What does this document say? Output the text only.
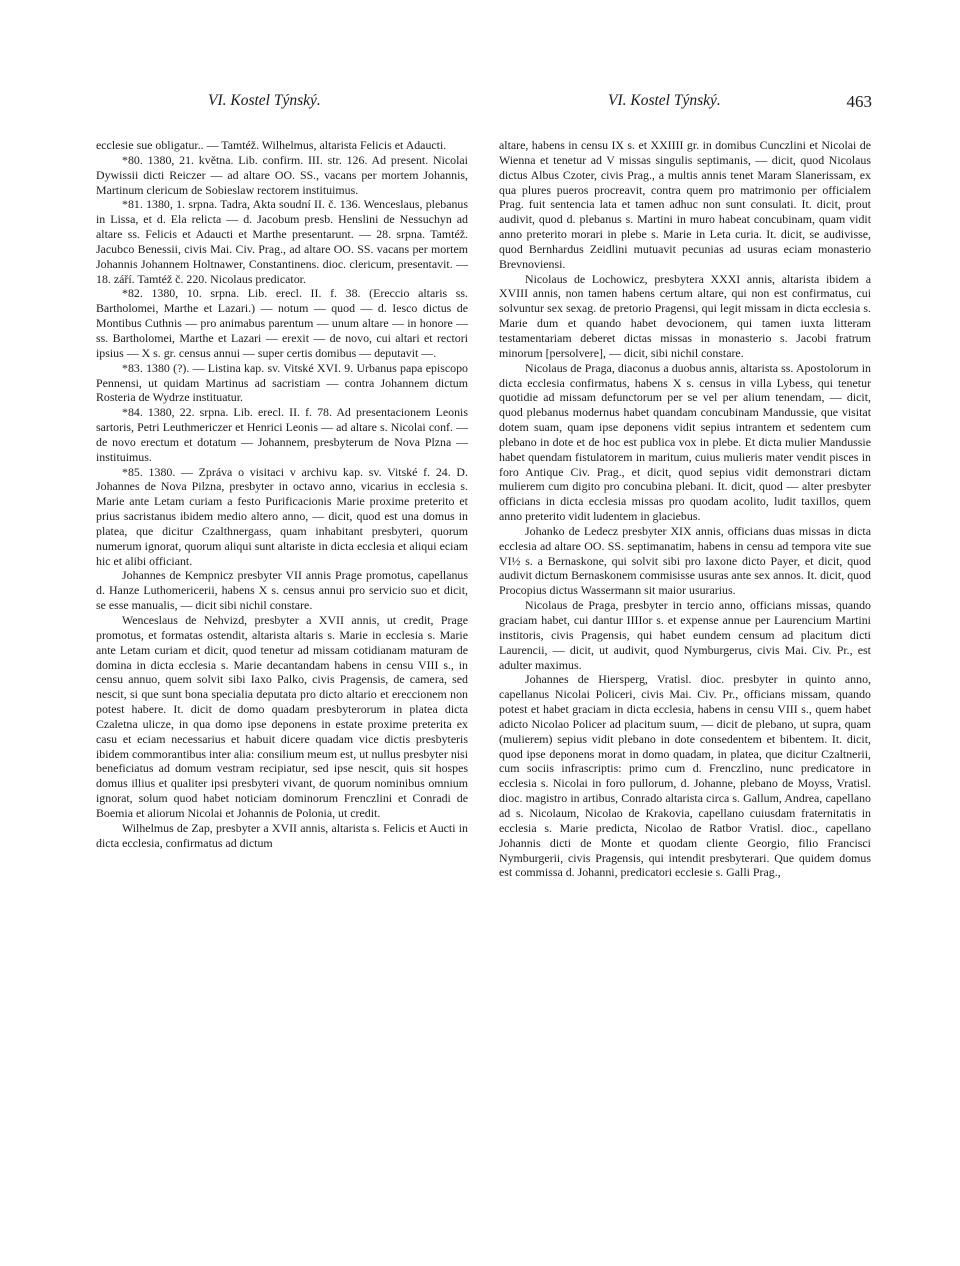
VI. Kostel Týnský.	VI. Kostel Týnský.	463

ecclesie sue obligatur.. — Tamtéž. Wilhelmus, altarista Felicis et Adaucti.

*80. 1380, 21. května. Lib. confirm. III. str. 126. Ad present. Nicolai Dywissii dicti Reiczer — ad altare OO. SS., vacans per mortem Johannis, Martinum clericum de Sobieslaw rectorem instituimus.

*81. 1380, 1. srpna. Tadra, Akta soudní II. č. 136. Wenceslaus, plebanus in Lissa, et d. Ela relicta — d. Jacobum presb. Henslini de Nessuchyn ad altare ss. Felicis et Adaucti et Marthe presentarunt. — 28. srpna. Tamtéž. Jacubco Benessii, civis Mai. Civ. Prag., ad altare OO. SS. vacans per mortem Johannis Johannem Holtnawer, Constantinens. dioc. clericum, presentavit. — 18. září. Tamtéž č. 220. Nicolaus predicator.

*82. 1380, 10. srpna. Lib. erecl. II. f. 38. (Ereccio altaris ss. Bartholomei, Marthe et Lazari.) — notum — quod — d. Iesco dictus de Montibus Cuthnis — pro animabus parentum — unum altare — in honore — ss. Bartholomei, Marthe et Lazari — erexit — de novo, cui altari et rectori ipsius — X s. gr. census annui — super certis domibus — deputavit —.

*83. 1380 (?). — Listina kap. sv. Vitské XVI. 9. Urbanus papa episcopo Pennensi, ut quidam Martinus ad sacristiam — contra Johannem dictum Rosteria de Wydrze instituatur.

*84. 1380, 22. srpna. Lib. erecl. II. f. 78. Ad presentacionem Leonis sartoris, Petri Leuthmericzer et Henrici Leonis — ad altare s. Nicolai conf. — de novo erectum et dotatum — Johannem, presbyterum de Nova Plzna — instituimus.

*85. 1380. — Zpráva o visitaci v archivu kap. sv. Vitské f. 24. D. Johannes de Nova Pilzna, presbyter in octavo anno, vicarius in ecclesia s. Marie ante Letam curiam a festo Purificacionis Marie proxime preterito et prius sacristanus ibidem medio altero anno, — dicit, quod est una domus in platea, que dicitur Czalthnergass, quam inhabitant presbyteri, quorum numerum ignorat, quorum aliqui sunt altariste in dicta ecclesia et aliqui eciam hic et alibi officiant.

Johannes de Kempnicz presbyter VII annis Prage promotus, capellanus d. Hanze Luthomericerii, habens X s. census annui pro servicio suo et dicit, se esse manualis, — dicit sibi nichil constare.

Wenceslaus de Nehvizd, presbyter a XVII annis, ut credit, Prage promotus, et formatas ostendit, altarista altaris s. Marie in ecclesia s. Marie ante Letam curiam et dicit, quod tenetur ad missam cotidianam maturam de domina in dicta ecclesia s. Marie decantandam habens in censu VIII s., in censu annuo, quem solvit sibi Iaxo Palko, civis Pragensis, de camera, sed nescit, si que sunt bona specialia deputata pro dicto altario et ereccionem non potest habere. It. dicit de domo quadam presbyterorum in platea dicta Czaletna ulicze, in qua domo ipse deponens in estate proxime preterita ex casu et eciam necessarius et habuit dicere quadam vice dictis presbyteris ibidem commorantibus inter alia: consilium meum est, ut nullus presbyter nisi beneficiatus ad domum vestram recipiatur, sed ipse nescit, quis sit hospes domus illius et qualiter ipsi presbyteri vivant, de quorum nominibus omnium ignorat, solum quod habet noticiam dominorum Frenczlini et Conradi de Boemia et aliorum Nicolai et Johannis de Polonia, ut credit.

Wilhelmus de Zap, presbyter a XVII annis, altarista s. Felicis et Aucti in dicta ecclesia, confirmatus ad dictum

altare, habens in censu IX s. et XXIIII gr. in domibus Cunczlini et Nicolai de Wienna et tenetur ad V missas singulis septimanis, — dicit, quod Nicolaus dictus Albus Czoter, civis Prag., a multis annis tenet Maram Slanerissam, ex qua plures pueros procreavit, contra quem pro matrimonio per officialem Prag. fuit sentencia lata et tamen adhuc non sunt consulati. It. dicit, prout audivit, quod d. plebanus s. Martini in muro habeat concubinam, quam vidit anno preterito morari in plebe s. Marie in Leta curia. It. dicit, se audivisse, quod Bernhardus Zeidlini mutuavit pecunias ad usuras eciam monasterio Brevnoviensi.

Nicolaus de Lochowicz, presbytera XXXI annis, altarista ibidem a XVIII annis, non tamen habens certum altare, qui non est confirmatus, cui solvuntur sex sexag. de pretorio Pragensi, qui legit missam in dicta ecclesia s. Marie dum et quando habet devocionem, qui tamen iuxta litteram testamentariam deberet dictas missas in monasterio s. Jacobi fratrum minorum [persolvere], — dicit, sibi nichil constare.

Nicolaus de Praga, diaconus a duobus annis, altarista ss. Apostolorum in dicta ecclesia confirmatus, habens X s. census in villa Lybess, qui tenetur quotidie ad missam defunctorum per se vel per alium tenendam, — dicit, quod plebanus modernus habet quandam concubinam Mandussie, que visitat dotem suam, quam ipse deponens vidit sepius intrantem et sedentem cum plebano in dote et de hoc est publica vox in plebe. Et dicta mulier Mandussie habet quendam fistulatorem in maritum, cuius mulieris mater vendit pisces in foro Antique Civ. Prag., et dicit, quod sepius vidit demonstrari dictam mulierem cum digito pro concubina plebani. It. dicit, quod — alter presbyter officians in dicta ecclesia missas pro quodam acolito, ludit taxillos, quem anno preterito vidit ludentem in glaciebus.

Johanko de Ledecz presbyter XIX annis, officians duas missas in dicta ecclesia ad altare OO. SS. septimanatim, habens in censu ad tempora vite sue VI½ s. a Bernaskone, qui solvit sibi pro laxone dicto Payer, et dicit, quod audivit dictum Bernaskonem commisisse usuras ante sex annos. It. dicit, quod Procopius dictus Wassermann sit maior usurarius.

Nicolaus de Praga, presbyter in tercio anno, officians missas, quando graciam habet, cui dantur IIIIor s. et expense annue per Laurencium Martini institoris, civis Pragensis, qui habet eundem censum ad placitum dicti Laurencii, — dicit, ut audivit, quod Nymburgerus, civis Mai. Civ. Pr., est adulter maximus.

Johannes de Hiersperg, Vratisl. dioc. presbyter in quinto anno, capellanus Nicolai Policeri, civis Mai. Civ. Pr., officians missam, quando potest et habet graciam in dicta ecclesia, habens in censu VIII s., quem habet adicto Nicolao Policer ad placitum suum, — dicit de plebano, ut supra, quam (mulierem) sepius vidit plebano in dote consedentem et bibentem. It. dicit, quod ipse deponens morat in domo quadam, in platea, que dicitur Czaltnerii, cum sociis infrascriptis: primo cum d. Frenczlino, nunc predicatore in ecclesia s. Nicolai in foro pullorum, d. Johanne, plebano de Moyss, Vratisl. dioc. magistro in artibus, Conrado altarista circa s. Gallum, Andrea, capellano ad s. Nicolaum, Nicolao de Krakovia, capellano cuiusdam fraternitatis in ecclesia s. Marie predicta, Nicolao de Ratbor Vratisl. dioc., capellano Johannis dicti de Monte et quodam cliente Georgio, filio Francisci Nymburgerii, civis Pragensis, qui intendit presbyterari. Que quidem domus est commissa d. Johanni, predicatori ecclesie s. Galli Prag.,
